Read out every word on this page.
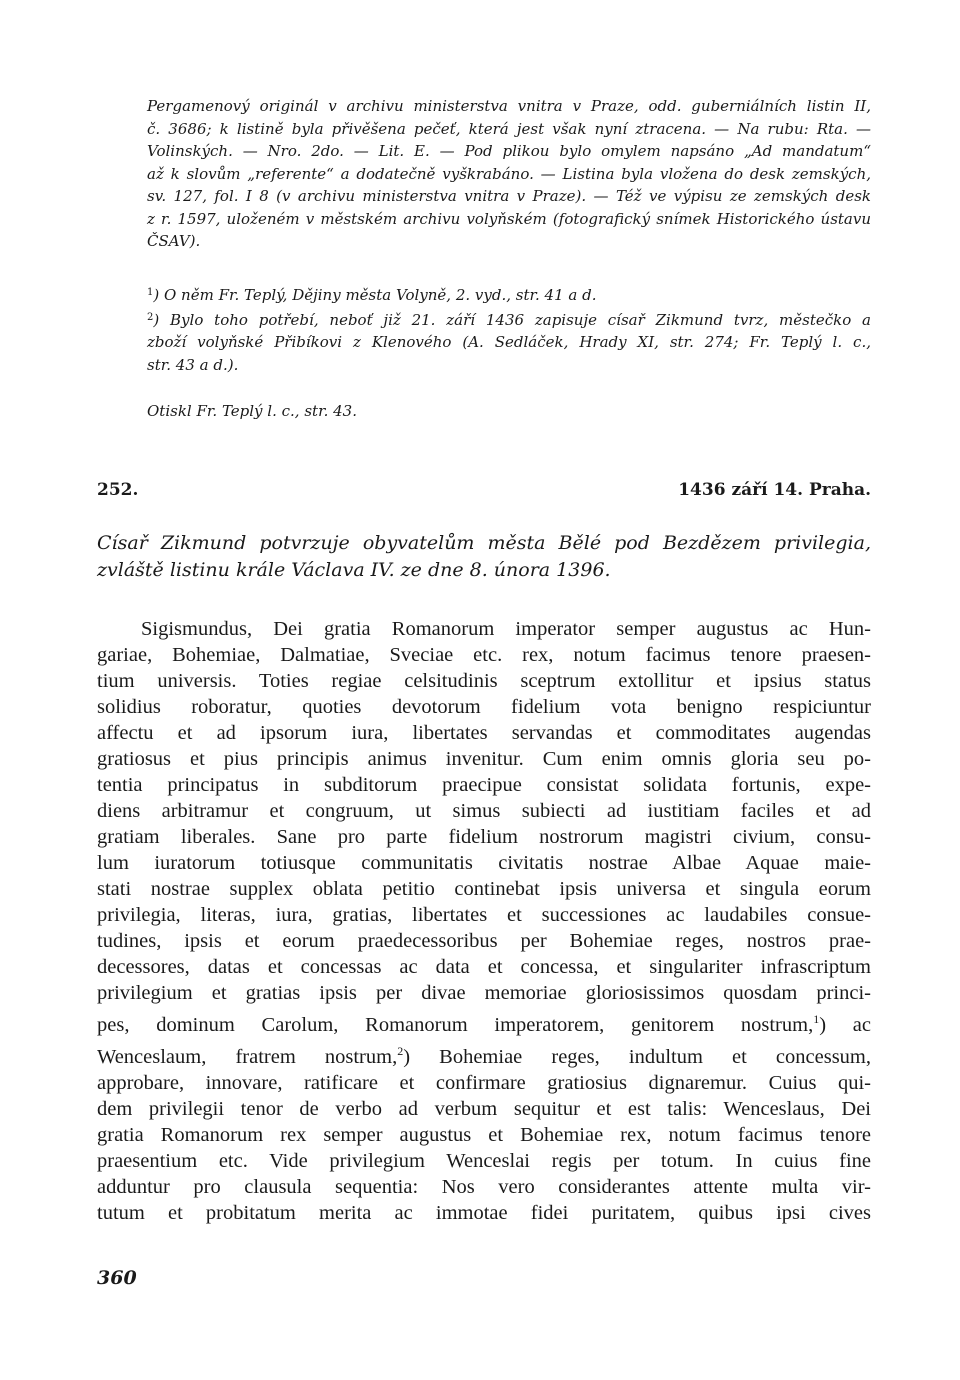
Pergamenový originál v archivu ministerstva vnitra v Praze, odd. guberniálních listin II,
č. 3686; k listině byla přivěšena pečeť, která jest však nyní ztracena. — Na rubu: Rta. —
Volinských. — Nro. 2do. — Lit. E. — Pod plikou bylo omylem napsáno „Ad mandatum“
až k slovům „referente“ a dodatečně vyškrabáno. — Listina byla vložena do desk zemských,
sv. 127, fol. I 8 (v archivu ministerstva vnitra v Praze). — Též ve výpisu ze zemských desk
z r. 1597, uloženém v městském archivu volyňském (fotografický snímek Historického ústavu
ČSAV).
$^1$) O něm Fr. Teplý, Dějiny města Volyně, 2. vyd., str. 41 a d.
$^2$) Bylo toho potřebí, neboť již 21. září 1436 zapisuje císař Zikmund tvrz, městečko a
zboží volyňské Přibíkovi z Klenového (A. Sedláček, Hrady XI, str. 274; Fr. Teplý l. c.,
str. 43 a d.).
Otiskl Fr. Teplý l. c., str. 43.
252.	1436 září 14. Praha.
Císař Zikmund potvrzuje obyvatelům města Bělé pod Bezdězem privilegia,
zvláště listinu krále Václava IV. ze dne 8. února 1396.
Sigismundus, Dei gratia Romanorum imperator semper augustus ac Hun-
gariae, Bohemiae, Dalmatiae, Sveciae etc. rex, notum facimus tenore praesen-
tium universis. Toties regiae celsitudinis sceptrum extollitur et ipsius status
solidius roboratur, quoties devotorum fidelium vota benigno respiciuntur
affectu et ad ipsorum iura, libertates servandas et commoditates augendas
gratiosus et pius principis animus invenitur. Cum enim omnis gloria seu po-
tentia principatus in subditorum praecipue consistat solidata fortunis, expe-
diens arbitramur et congruum, ut simus subiecti ad iustitiam faciles et ad
gratiam liberales. Sane pro parte fidelium nostrorum magistri civium, consu-
lum iuratorum totiusque communitatis civitatis nostrae Albae Aquae maie-
stati nostrae supplex oblata petitio continebat ipsis universa et singula eorum
privilegia, literas, iura, gratias, libertates et successiones ac laudabiles consue-
tudines, ipsis et eorum praedecessoribus per Bohemiae reges, nostros prae-
decessores, datas et concessas ac data et concessa, et singulariter infrascriptum
privilegium et gratias ipsis per divae memoriae gloriosissimos quosdam princi-
pes, dominum Carolum, Romanorum imperatorem, genitorem nostrum,$^1$) ac
Wenceslaum, fratrem nostrum,$^2$) Bohemiae reges, indultum et concessum,
approbare, innovare, ratificare et confirmare gratiosius dignaremur. Cuius qui-
dem privilegii tenor de verbo ad verbum sequitur et est talis: Wenceslaus, Dei
gratia Romanorum rex semper augustus et Bohemiae rex, notum facimus tenore
praesentium etc. Vide privilegium Wenceslai regis per totum. In cuius fine
adduntur pro clausula sequentia: Nos vero considerantes attente multa vir-
tutum et probitatum merita ac immotae fidei puritatem, quibus ipsi cives
360
